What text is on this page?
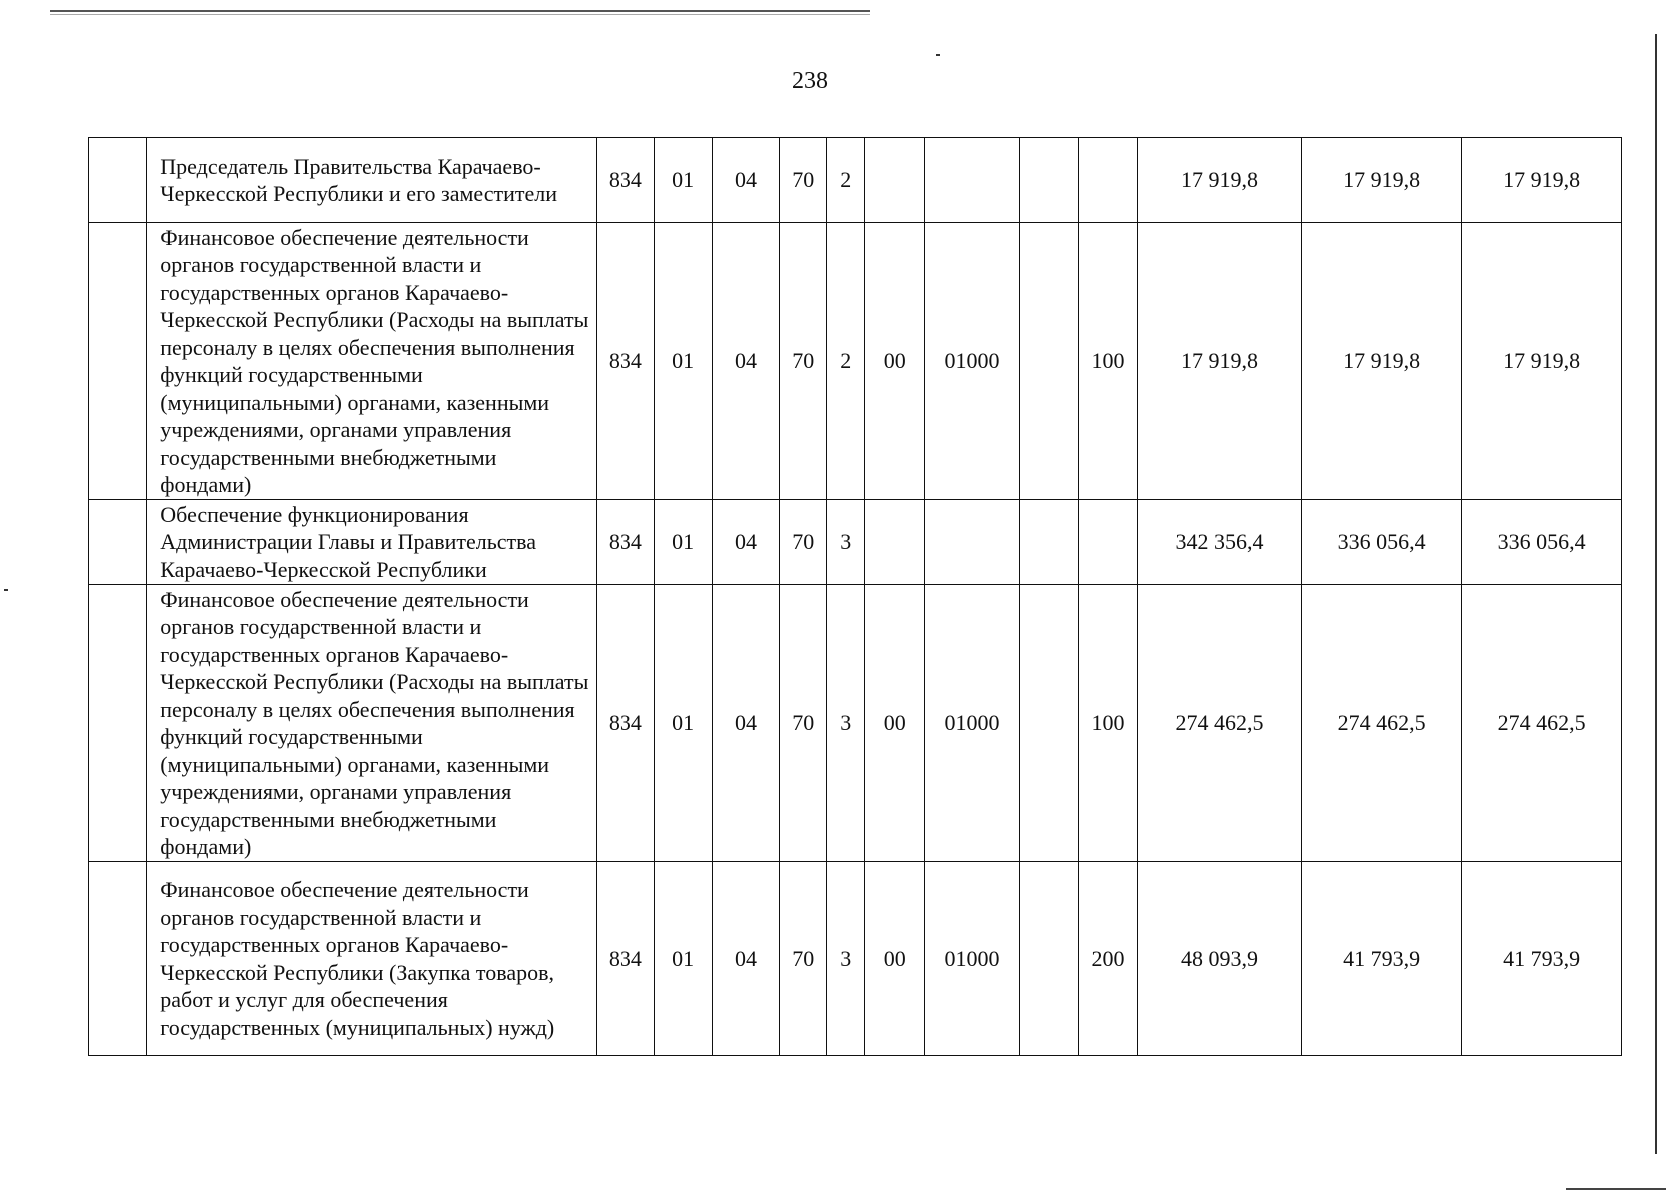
238
	Председатель Правительства Карачаево-Черкесской Республики и его заместители	834	01	04	70	2					17 919,8	17 919,8	17 919,8
	Финансовое обеспечение деятельности органов государственной власти и государственных органов Карачаево-Черкесской Республики (Расходы на выплаты персоналу в целях обеспечения выполнения функций государственными (муниципальными) органами, казенными учреждениями, органами управления государственными внебюджетными фондами)	834	01	04	70	2	00	01000		100	17 919,8	17 919,8	17 919,8
	Обеспечение функционирования Администрации Главы и Правительства Карачаево-Черкесской Республики	834	01	04	70	3					342 356,4	336 056,4	336 056,4
	Финансовое обеспечение деятельности органов государственной власти и государственных органов Карачаево-Черкесской Республики (Расходы на выплаты персоналу в целях обеспечения выполнения функций государственными (муниципальными) органами, казенными учреждениями, органами управления государственными внебюджетными фондами)	834	01	04	70	3	00	01000		100	274 462,5	274 462,5	274 462,5
	Финансовое обеспечение деятельности органов государственной власти и государственных органов Карачаево-Черкесской Республики (Закупка товаров, работ и услуг для обеспечения государственных (муниципальных) нужд)	834	01	04	70	3	00	01000		200	48 093,9	41 793,9	41 793,9
